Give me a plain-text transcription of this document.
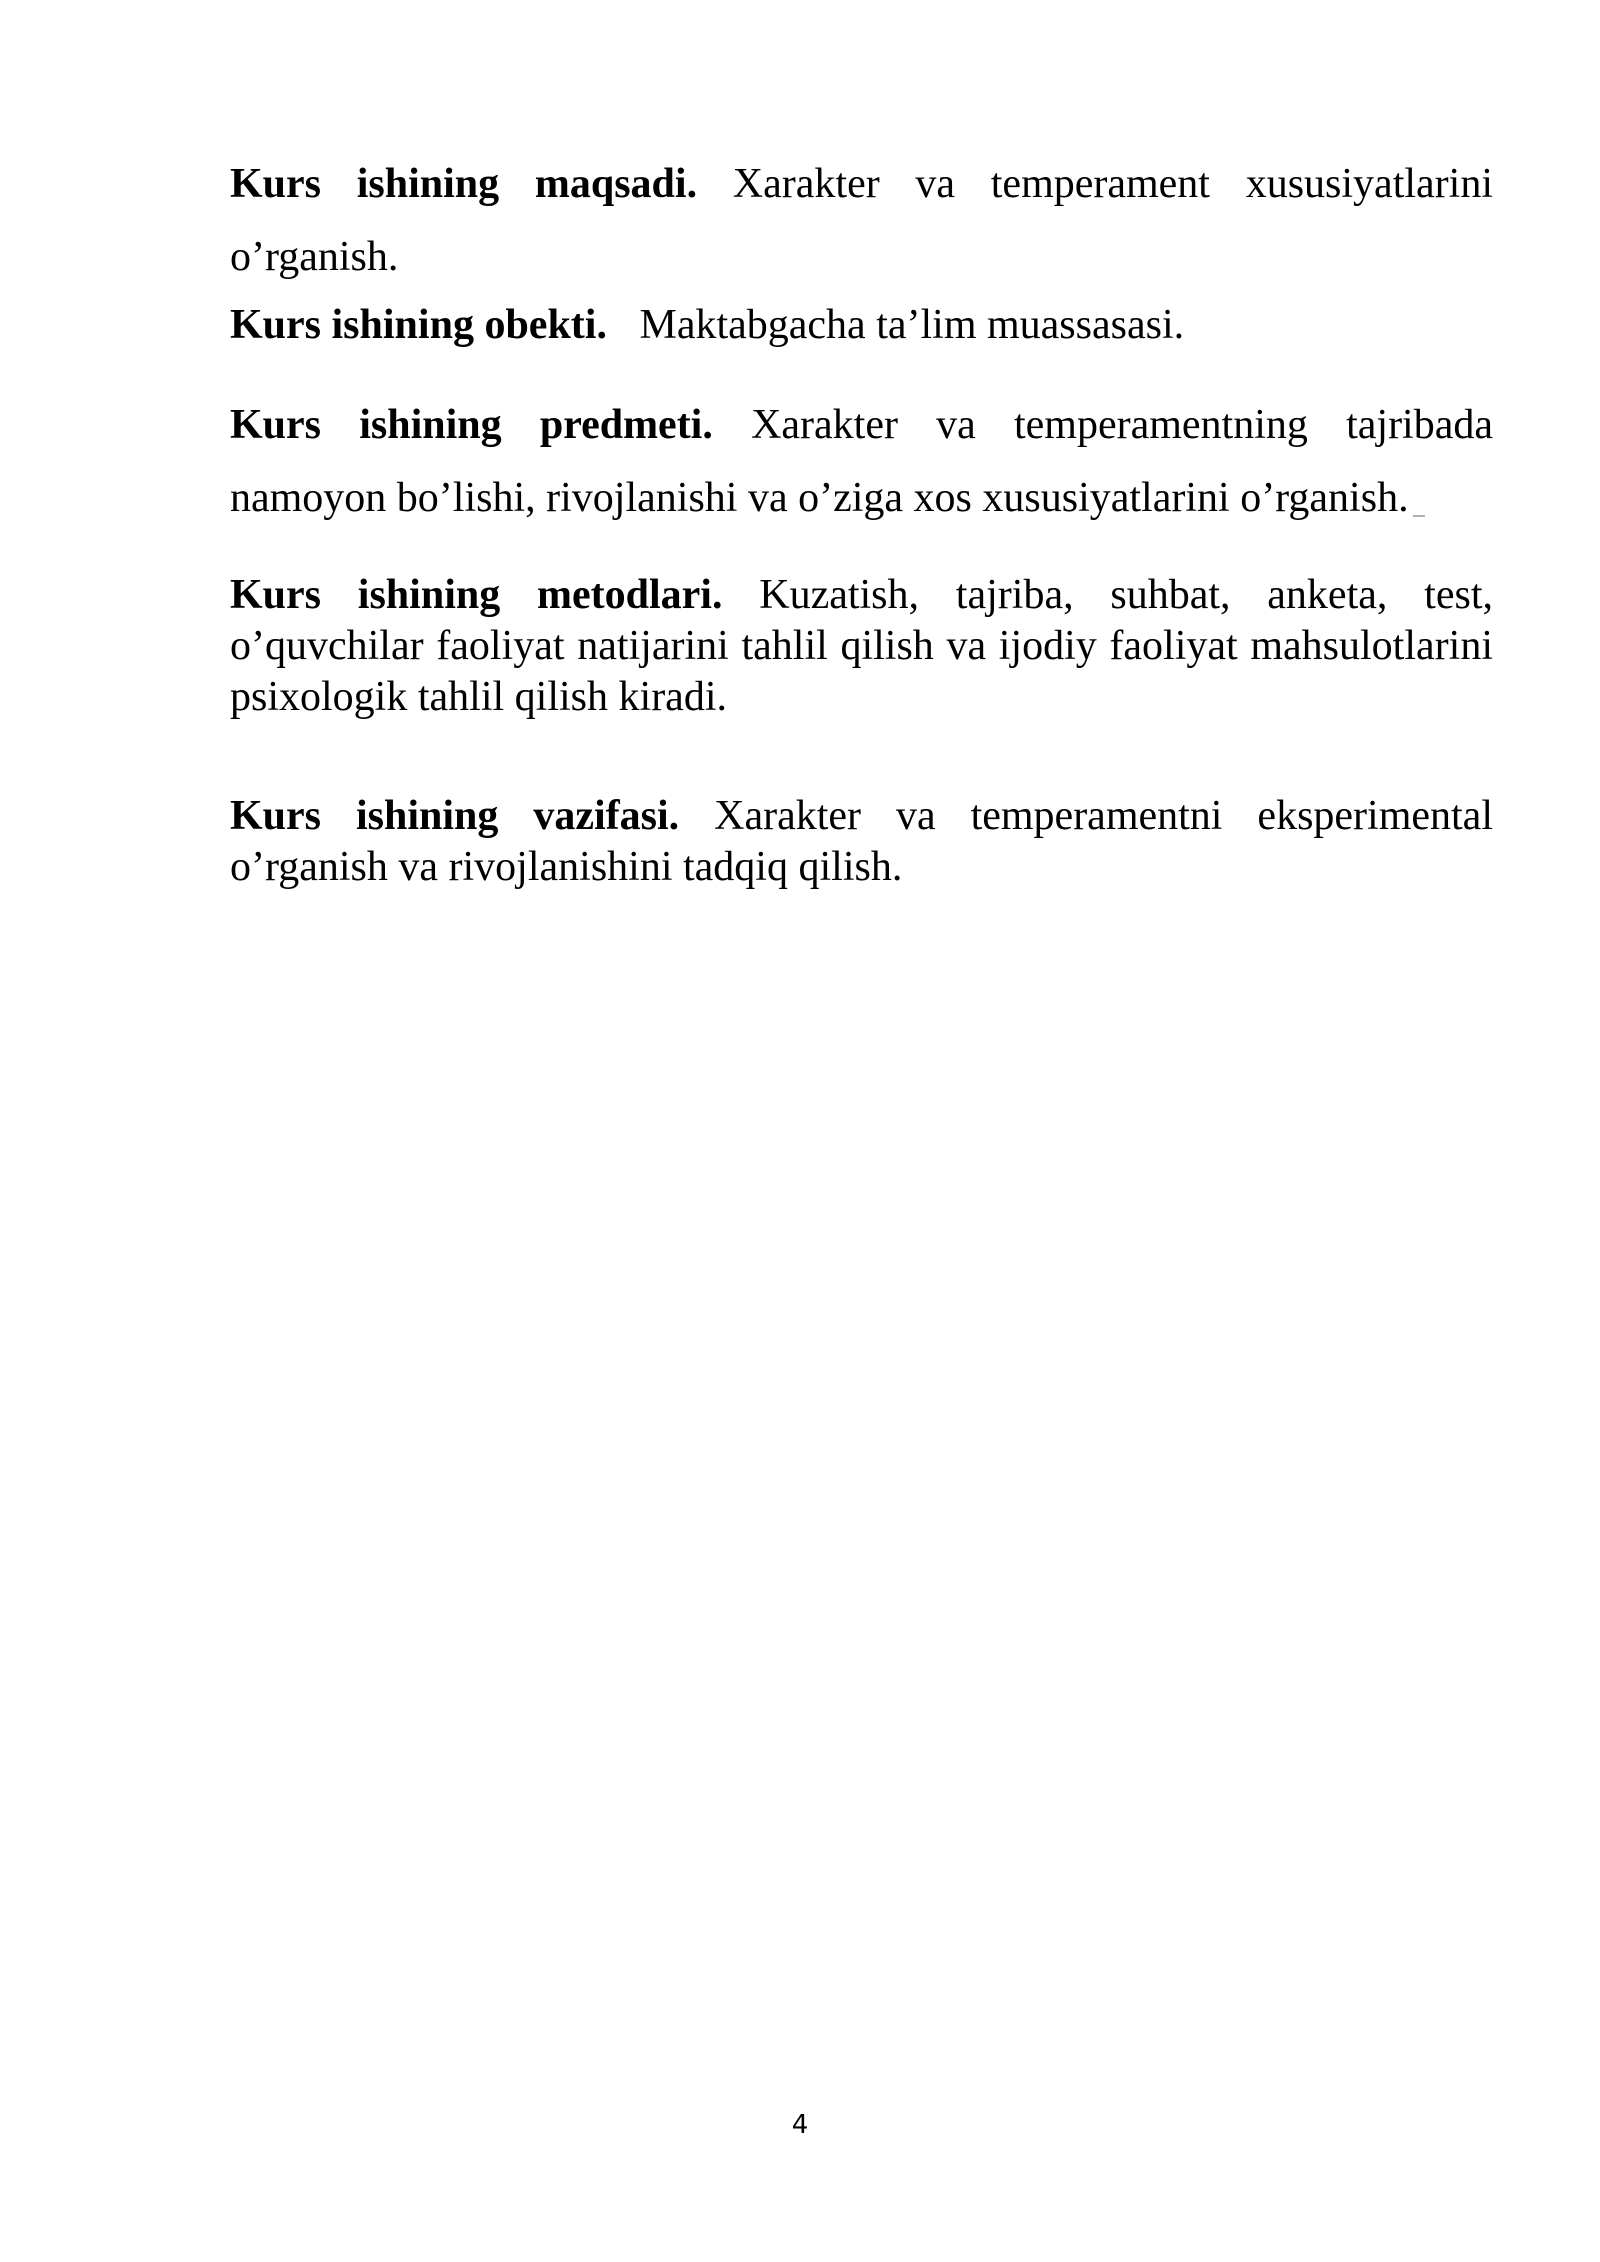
Kurs ishining maqsadi. Xarakter va temperament xususiyatlarini o’rganish.

Kurs ishining obekti. Maktabgacha ta’lim muassasasi.

Kurs ishining predmeti. Xarakter va temperamentning tajribada namoyon bo’lishi, rivojlanishi va o’ziga xos xususiyatlarini o’rganish.

Kurs ishining metodlari. Kuzatish, tajriba, suhbat, anketa, test, o’quvchilar faoliyat natijarini tahlil qilish va ijodiy faoliyat mahsulotlarini psixologik tahlil qilish kiradi.

Kurs ishining vazifasi. Xarakter va temperamentni eksperimental o’rganish va rivojlanishini tadqiq qilish.

4
